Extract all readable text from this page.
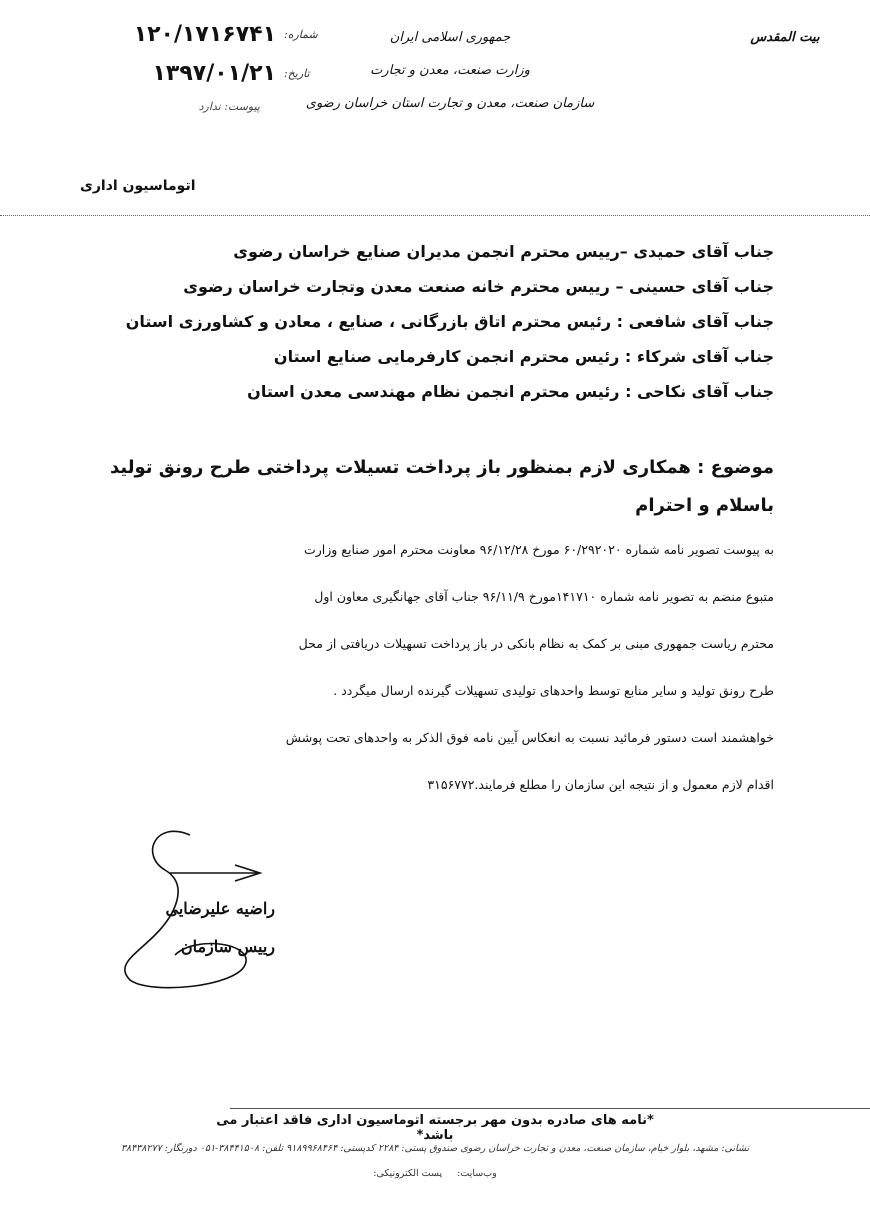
بیت المقدس
جمهوری اسلامی ایران
وزارت صنعت، معدن و تجارت
سازمان صنعت، معدن و تجارت استان خراسان رضوی
شماره:
۱۲۰/۱۷۱۶۷۴۱
تاریخ:
۱۳۹۷/۰۱/۲۱
پیوست: ندارد
اتوماسیون اداری
جناب آقای حمیدی –رییس محترم انجمن مدیران صنایع خراسان رضوی
جناب آقای حسینی – رییس محترم خانه صنعت معدن وتجارت خراسان رضوی
جناب آقای شافعی : رئیس محترم اتاق بازرگانی ، صنایع ، معادن و کشاورزی استان
جناب آقای شرکاء : رئیس محترم انجمن کارفرمایی صنایع استان
جناب آقای نکاحی : رئیس محترم انجمن نظام مهندسی معدن استان
موضوع : همکاری لازم بمنظور باز پرداخت تسیلات پرداختی طرح رونق تولید
باسلام و احترام
به پیوست تصویر نامه شماره ۶۰/۲۹۲۰۲۰ مورخ ۹۶/۱۲/۲۸ معاونت محترم امور صنایع وزارت
متبوع منضم به تصویر نامه شماره ۱۴۱۷۱۰مورخ ۹۶/۱۱/۹ جناب آقای جهانگیری معاون اول
محترم ریاست جمهوری مبنی بر کمک به نظام بانکی در باز پرداخت تسهیلات دریافتی از محل
طرح رونق تولید و سایر منابع توسط واحدهای تولیدی تسهیلات گیرنده ارسال میگردد .
خواهشمند است دستور فرمائید نسبت به انعکاس آیین نامه فوق الذکر به واحدهای تحت پوشش
اقدام لازم معمول و از نتیجه این سازمان را مطلع فرمایند.۳۱۵۶۷۷۲
راضیه علیرضایی
رییس سازمان
*نامه های صادره بدون مهر برجسته اتوماسیون اداری فاقد اعتبار می باشد*
نشانی: مشهد، بلوار خیام، سازمان صنعت، معدن و تجارت خراسان رضوی صندوق پستی: ۲۲۸۴ کدپستی: ۹۱۸۹۹۶۸۴۶۴ تلفن: ۳۸۴۴۱۵۰۸-۰۵۱ دورنگار: ۳۸۴۳۸۲۷۷
وب‌سایت: پست الکترونیکی:
